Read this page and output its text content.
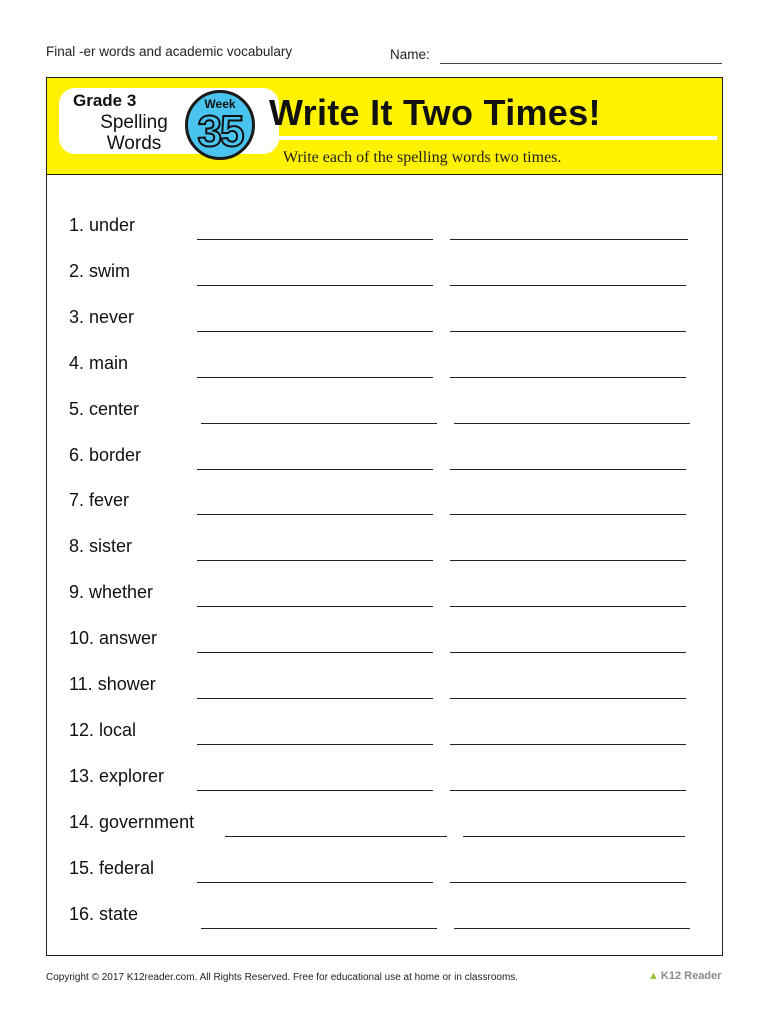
Final -er words and academic vocabulary	Name:
Grade 3
Spelling
Words
Week
35 Write It Two Times!
Write each of the spelling words two times.
1. under
2. swim
3. never
4. main
5. center
6. border
7. fever
8. sister
9. whether
10. answer
11. shower
12. local
13. explorer
14. government
15. federal
16. state
Copyright © 2017 K12reader.com. All Rights Reserved. Free for educational use at home or in classrooms.	▲ K12 Reader
